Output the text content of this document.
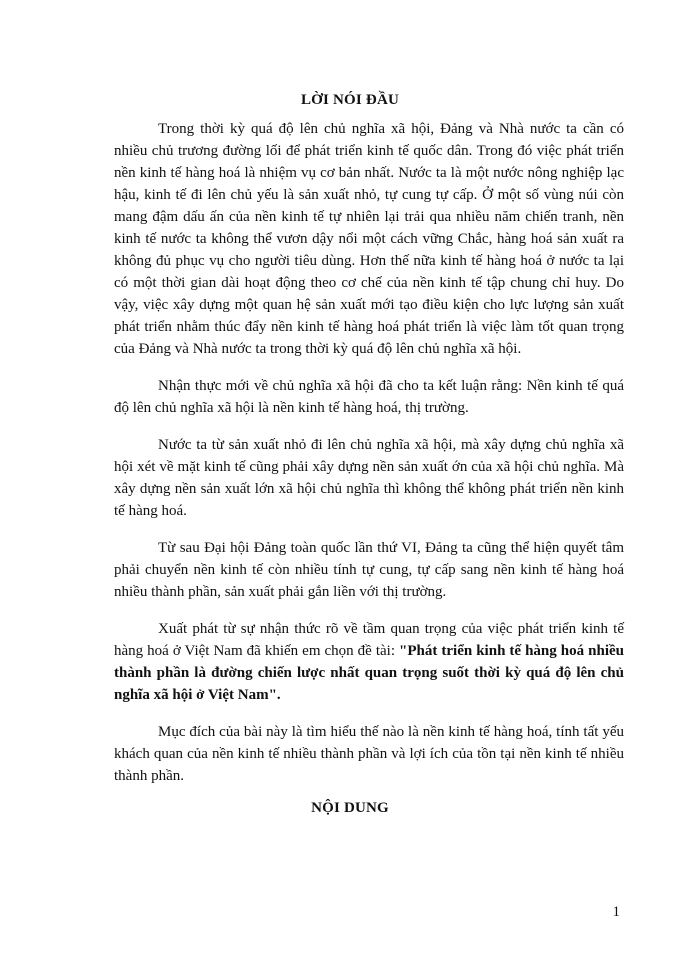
LỜI NÓI ĐẦU

Trong thời kỳ quá độ lên chủ nghĩa xã hội, Đảng và Nhà nước ta cần có nhiều chủ trương đường lối để phát triển kinh tế quốc dân. Trong đó việc phát triển nền kinh tế hàng hoá là nhiệm vụ cơ bản nhất. Nước ta là một nước nông nghiệp lạc hậu, kinh tế đi lên chủ yếu là sản xuất nhỏ, tự cung tự cấp. Ở một số vùng núi còn mang đậm dấu ấn của nền kinh tế tự nhiên lại trải qua nhiều năm chiến tranh, nền kinh tế nước ta không thể vươn dậy nổi một cách vững Chắc, hàng hoá sản xuất ra không đủ phục vụ cho người tiêu dùng. Hơn thế nữa kinh tế hàng hoá ở nước ta lại có một thời gian dài hoạt động theo cơ chế của nền kinh tế tập chung chỉ huy. Do vậy, việc xây dựng một quan hệ sản xuất mới tạo điều kiện cho lực lượng sản xuất phát triển nhằm thúc đẩy nền kinh tế hàng hoá phát triển là việc làm tốt quan trọng của Đảng và Nhà nước ta trong thời kỳ quá độ lên chủ nghĩa xã hội.

Nhận thực mới về chủ nghĩa xã hội đã cho ta kết luận rằng: Nền kinh tế quá độ lên chủ nghĩa xã hội là nền kinh tế hàng hoá, thị trường.

Nước ta từ sản xuất nhỏ đi lên chủ nghĩa xã hội, mà xây dựng chủ nghĩa xã hội xét về mặt kinh tế cũng phải xây dựng nền sản xuất ớn của xã hội chủ nghĩa. Mà xây dựng nền sản xuất lớn xã hội chủ nghĩa thì không thể không phát triển nền kinh tế hàng hoá.

Từ sau Đại hội Đảng toàn quốc lần thứ VI, Đảng ta cũng thể hiện quyết tâm phải chuyển nền kinh tế còn nhiều tính tự cung, tự cấp sang nền kinh tế hàng hoá nhiều thành phần, sản xuất phải gắn liền với thị trường.

Xuất phát từ sự nhận thức rõ về tầm quan trọng của việc phát triển kinh tế hàng hoá ở Việt Nam đã khiến em chọn đề tài: "Phát triển kinh tế hàng hoá nhiều thành phần là đường chiến lược nhất quan trọng suốt thời kỳ quá độ lên chủ nghĩa xã hội ở Việt Nam".

Mục đích của bài này là tìm hiểu thế nào là nền kinh tế hàng hoá, tính tất yếu khách quan của nền kinh tế nhiều thành phần và lợi ích của tồn tại nền kinh tế nhiều thành phần.

NỘI DUNG
1
